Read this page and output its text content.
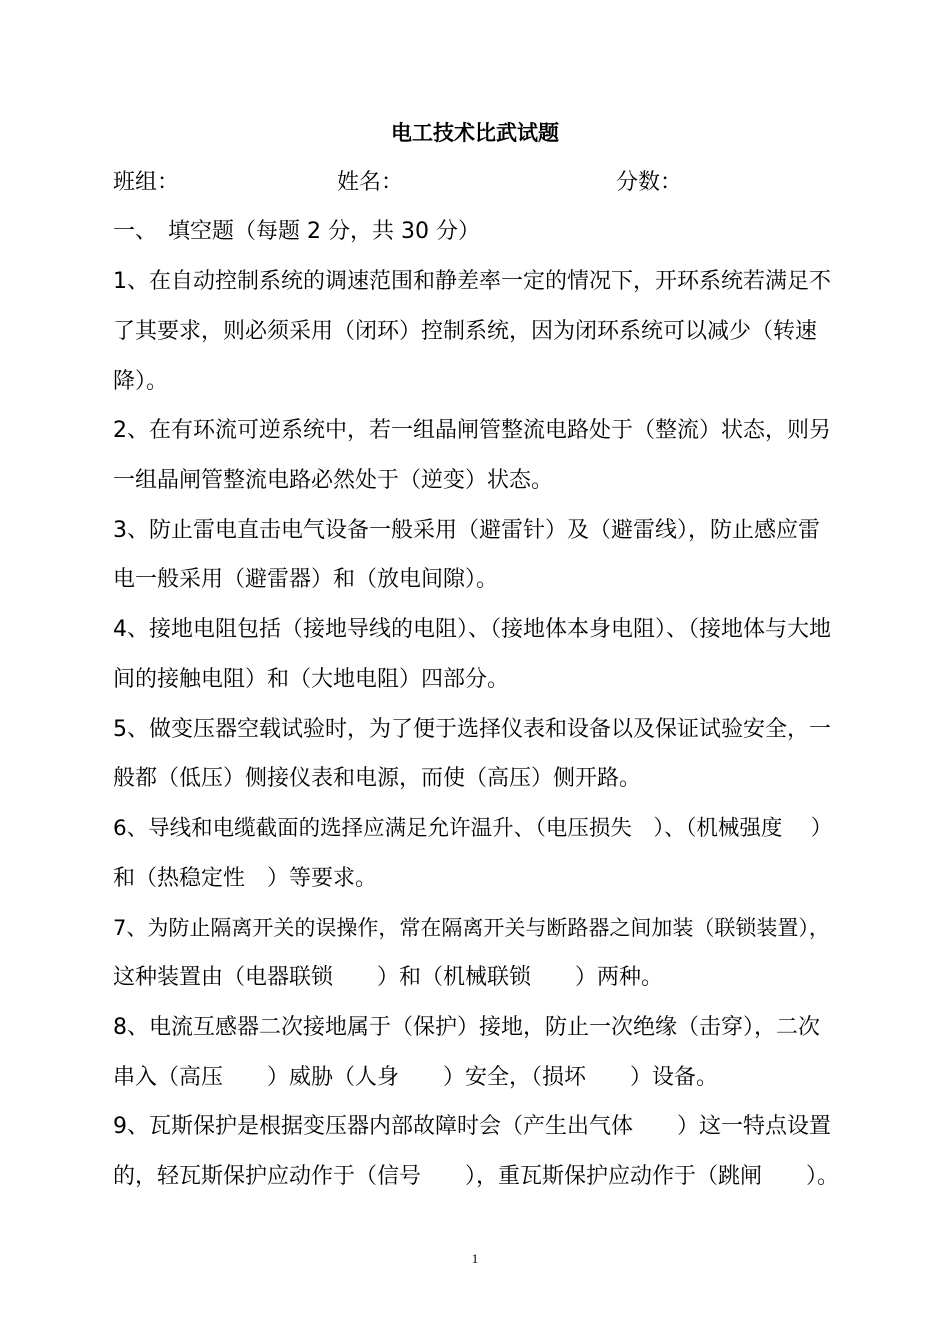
电工技术比武试题
班组：	姓名：	分数：
一、　填空题（每题 2 分，共 30 分）
1、在自动控制系统的调速范围和静差率一定的情况下，开环系统若满足不
了其要求，则必须采用（闭环）控制系统，因为闭环系统可以减少（转速
降）。
2、在有环流可逆系统中，若一组晶闸管整流电路处于（整流）状态，则另
一组晶闸管整流电路必然处于（逆变）状态。
3、防止雷电直击电气设备一般采用（避雷针）及（避雷线），防止感应雷
电一般采用（避雷器）和（放电间隙）。
4、接地电阻包括（接地导线的电阻）、（接地体本身电阻）、（接地体与大地
间的接触电阻）和（大地电阻）四部分。
5、做变压器空载试验时，为了便于选择仪表和设备以及保证试验安全，一
般都（低压）侧接仪表和电源，而使（高压）侧开路。
6、导线和电缆截面的选择应满足允许温升、（电压损失　）、（机械强度　 ）
和（热稳定性　）等要求。
7、为防止隔离开关的误操作，常在隔离开关与断路器之间加装（联锁装置），
这种装置由（电器联锁　　）和（机械联锁　　）两种。
8、电流互感器二次接地属于（保护）接地，防止一次绝缘（击穿），二次
串入（高压　　）威胁（人身　　）安全，（损坏　　）设备。
9、瓦斯保护是根据变压器内部故障时会（产生出气体　　）这一特点设置
的，轻瓦斯保护应动作于（信号　　），重瓦斯保护应动作于（跳闸　　）。
1
